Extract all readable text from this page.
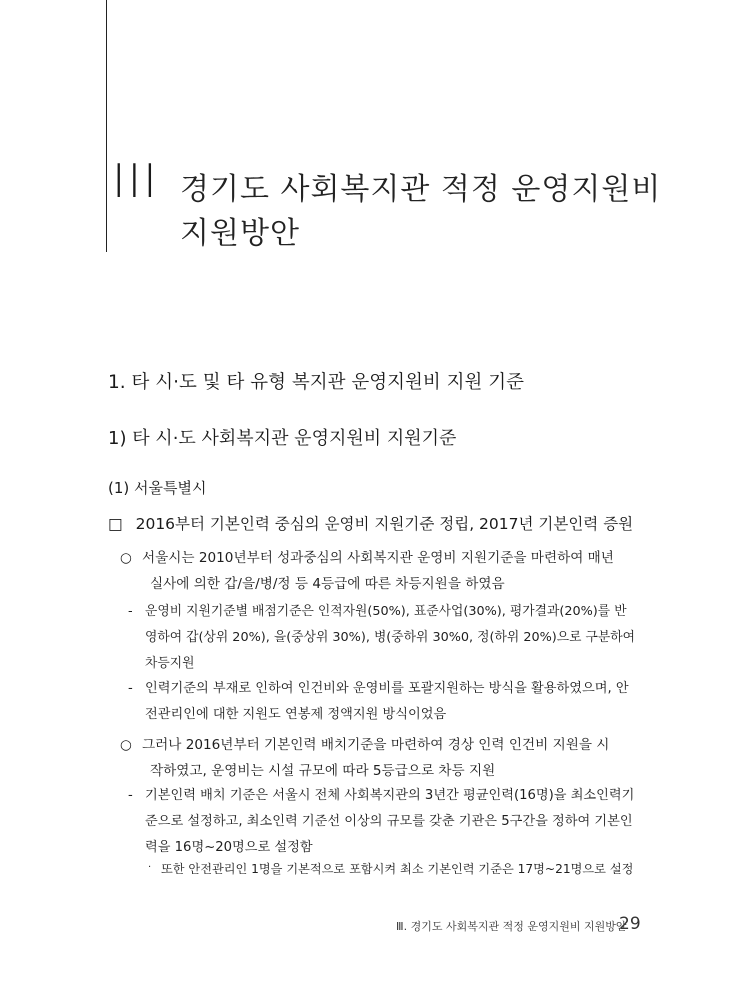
III 경기도 사회복지관 적정 운영지원비
지원방안
1. 타 시·도 및 타 유형 복지관 운영지원비 지원 기준
1) 타 시·도 사회복지관 운영지원비 지원기준
(1) 서울특별시
□ 2016부터 기본인력 중심의 운영비 지원기준 정립, 2017년 기본인력 증원
○ 서울시는 2010년부터 성과중심의 사회복지관 운영비 지원기준을 마련하여 매년
실사에 의한 갑/을/병/정 등 4등급에 따른 차등지원을 하였음
- 운영비 지원기준별 배점기준은 인적자원(50%), 표준사업(30%), 평가결과(20%)를 반
영하여 갑(상위 20%), 을(중상위 30%), 병(중하위 30%0, 정(하위 20%)으로 구분하여
차등지원
- 인력기준의 부재로 인하여 인건비와 운영비를 포괄지원하는 방식을 활용하였으며, 안
전관리인에 대한 지원도 연봉제 정액지원 방식이었음
○ 그러나 2016년부터 기본인력 배치기준을 마련하여 경상 인력 인건비 지원을 시
작하였고, 운영비는 시설 규모에 따라 5등급으로 차등 지원
- 기본인력 배치 기준은 서울시 전체 사회복지관의 3년간 평균인력(16명)을 최소인력기
준으로 설정하고, 최소인력 기준선 이상의 규모를 갖춘 기관은 5구간을 정하여 기본인
력을 16명~20명으로 설정함
· 또한 안전관리인 1명을 기본적으로 포함시켜 최소 기본인력 기준은 17명~21명으로 설정
Ⅲ. 경기도 사회복지관 적정 운영지원비 지원방안
29
